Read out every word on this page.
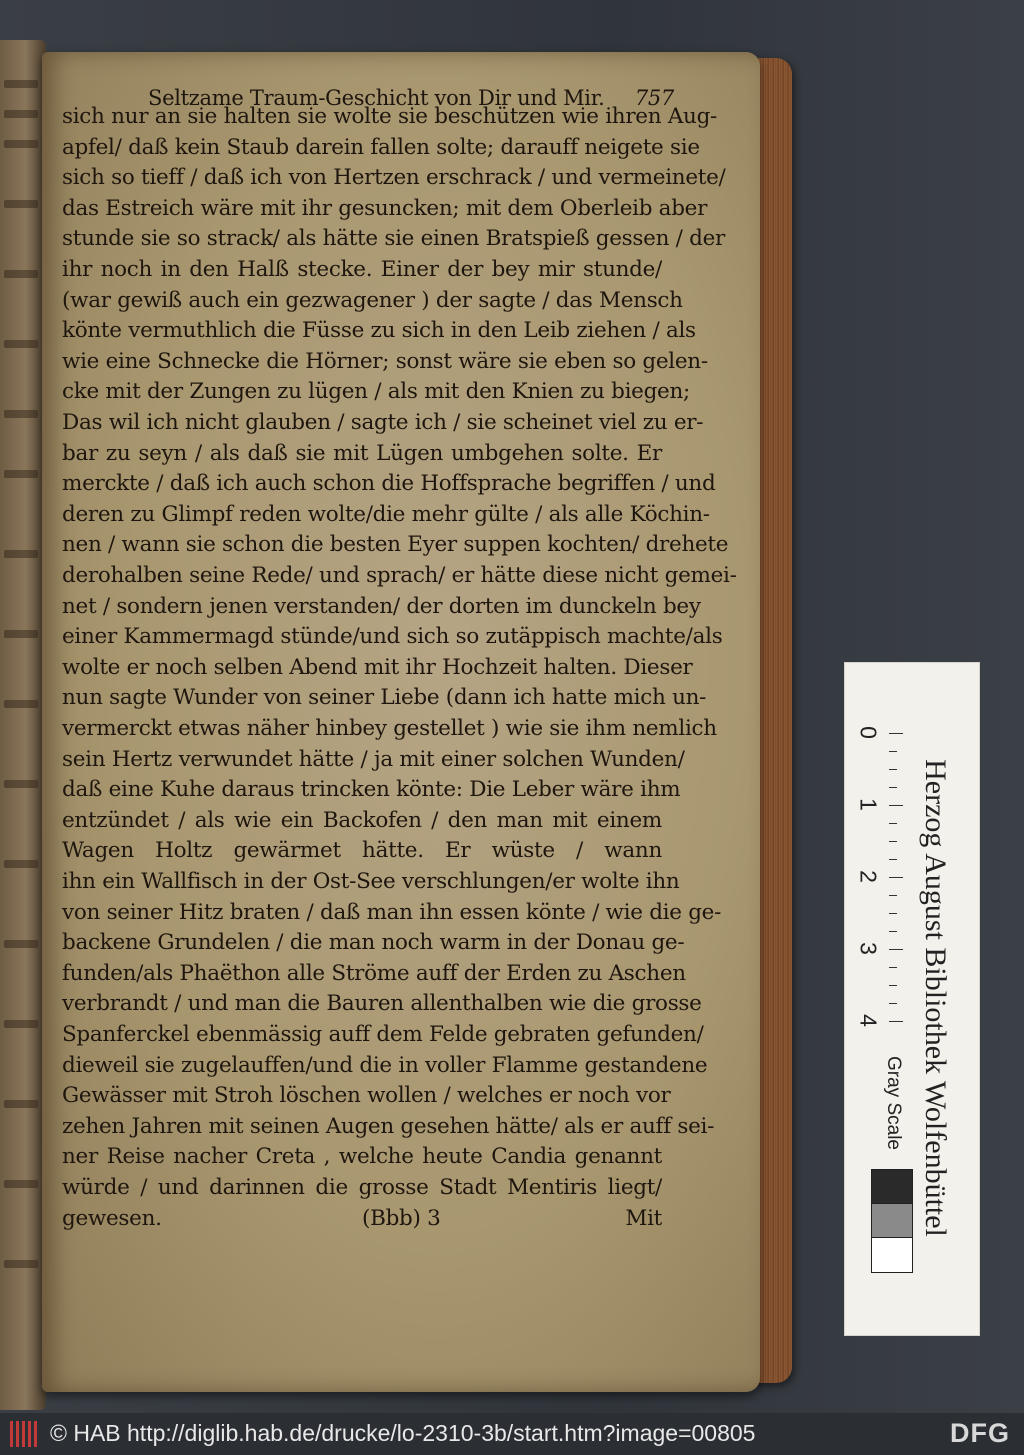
Seltzame Traum-Geschicht von Dir und Mir. 757
sich nur an sie halten sie wolte sie beschützen wie ihren Aug-
apfel/ daß kein Staub darein fallen solte; darauff neigete sie
sich so tieff / daß ich von Hertzen erschrack / und vermeinete/
das Estreich wäre mit ihr gesuncken; mit dem Oberleib aber
stunde sie so strack/ als hätte sie einen Bratspieß gessen / der
ihr noch in den Halß stecke. Einer der bey mir stunde/
(war gewiß auch ein gezwagener ) der sagte / das Mensch
könte vermuthlich die Füsse zu sich in den Leib ziehen / als
wie eine Schnecke die Hörner; sonst wäre sie eben so gelen-
cke mit der Zungen zu lügen / als mit den Knien zu biegen;
Das wil ich nicht glauben / sagte ich / sie scheinet viel zu er-
bar zu seyn / als daß sie mit Lügen umbgehen solte. Er
merckte / daß ich auch schon die Hoffsprache begriffen / und
deren zu Glimpf reden wolte/die mehr gülte / als alle Köchin-
nen / wann sie schon die besten Eyer suppen kochten/ drehete
derohalben seine Rede/ und sprach/ er hätte diese nicht gemei-
net / sondern jenen verstanden/ der dorten im dunckeln bey
einer Kammermagd stünde/und sich so zutäppisch machte/als
wolte er noch selben Abend mit ihr Hochzeit halten. Dieser
nun sagte Wunder von seiner Liebe (dann ich hatte mich un-
vermerckt etwas näher hinbey gestellet ) wie sie ihm nemlich
sein Hertz verwundet hätte / ja mit einer solchen Wunden/
daß eine Kuhe daraus trincken könte: Die Leber wäre ihm
entzündet / als wie ein Backofen / den man mit einem
Wagen Holtz gewärmet hätte. Er wüste / wann
ihn ein Wallfisch in der Ost-See verschlungen/er wolte ihn
von seiner Hitz braten / daß man ihn essen könte / wie die ge-
backene Grundelen / die man noch warm in der Donau ge-
funden/als Phaëthon alle Ströme auff der Erden zu Aschen
verbrandt / und man die Bauren allenthalben wie die grosse
Spanferckel ebenmässig auff dem Felde gebraten gefunden/
dieweil sie zugelauffen/und die in voller Flamme gestandene
Gewässer mit Stroh löschen wollen / welches er noch vor
zehen Jahren mit seinen Augen gesehen hätte/ als er auff sei-
ner Reise nacher Creta , welche heute Candia genannt
würde / und darinnen die grosse Stadt Mentiris liegt/
gewesen.	(Bbb) 3	Mit	Herzog August Bibliothek Wolfenbüttel
0
1
2
3
4
Gray Scale
© HAB http://diglib.hab.de/drucke/lo-2310-3b/start.htm?image=00805	DFG
